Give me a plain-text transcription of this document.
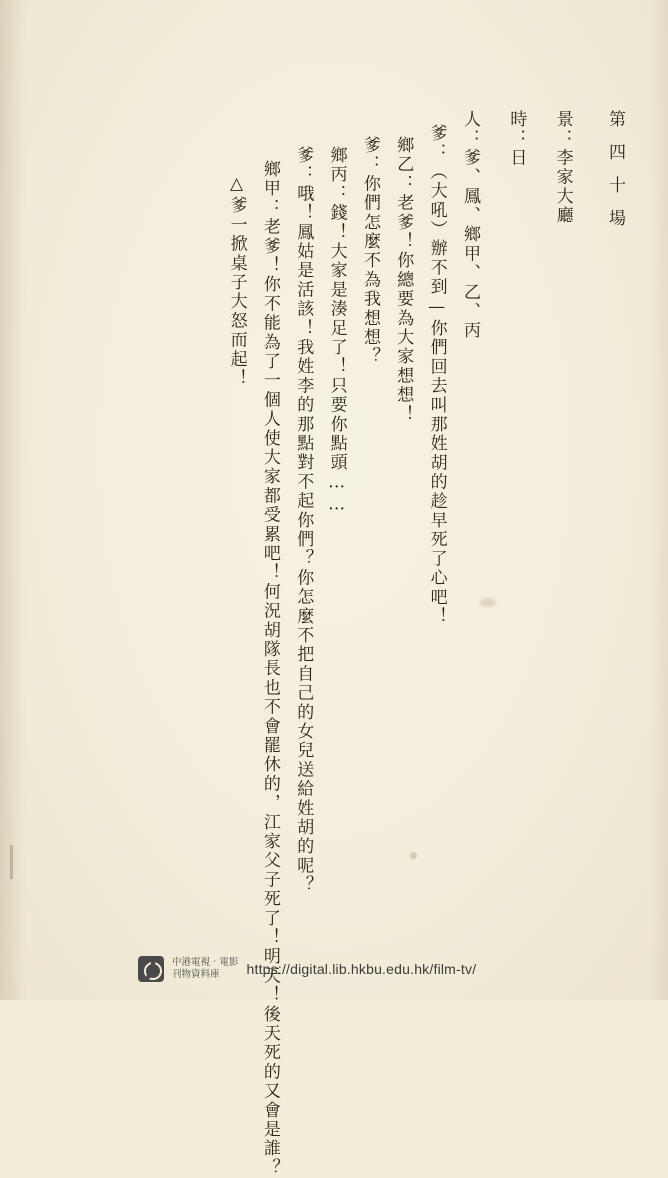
第四十場
景：李家大廳
時：日
人：爹、鳳、鄉甲、乙、丙
爹：（大吼）辦不到—你們回去叫那姓胡的趁早死了心吧！
鄉乙：老爹！你總要為大家想想！
爹：你們怎麼不為我想想？
鄉丙：錢！大家是湊足了！只要你點頭……
爹：哦！鳳姑是活該！我姓李的那點對不起你們？你怎麼不把自己的女兒送給姓胡的呢？
鄉甲：老爹！你不能為了一個人使大家都受累吧！何況胡隊長也不會罷休的，江家父子死了！明天！後天死的又會是誰？
△爹一掀桌子大怒而起！
中港電視‧電影
刊物資料庫	https://digital.lib.hkbu.edu.hk/film-tv/
